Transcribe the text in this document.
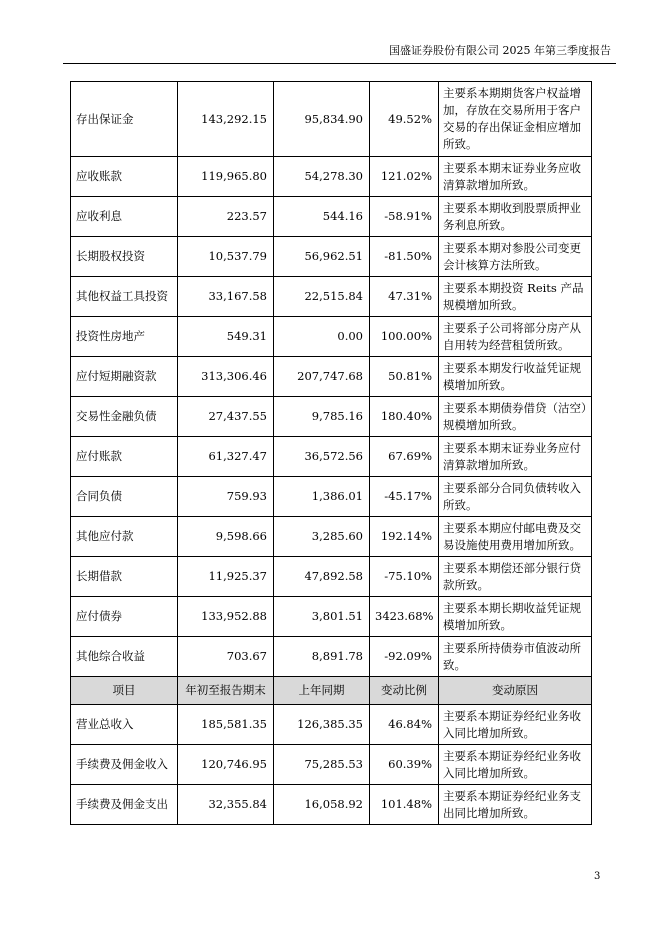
国盛证券股份有限公司 2025 年第三季度报告
存出保证金	143,292.15	95,834.90	49.52%	主要系本期期货客户权益增加，存放在交易所用于客户交易的存出保证金相应增加所致。
应收账款	119,965.80	54,278.30	121.02%	主要系本期末证券业务应收清算款增加所致。
应收利息	223.57	544.16	-58.91%	主要系本期收到股票质押业务利息所致。
长期股权投资	10,537.79	56,962.51	-81.50%	主要系本期对参股公司变更会计核算方法所致。
其他权益工具投资	33,167.58	22,515.84	47.31%	主要系本期投资 Reits 产品规模增加所致。
投资性房地产	549.31	0.00	100.00%	主要系子公司将部分房产从自用转为经营租赁所致。
应付短期融资款	313,306.46	207,747.68	50.81%	主要系本期发行收益凭证规模增加所致。
交易性金融负债	27,437.55	9,785.16	180.40%	主要系本期债券借贷（沽空）规模增加所致。
应付账款	61,327.47	36,572.56	67.69%	主要系本期末证券业务应付清算款增加所致。
合同负债	759.93	1,386.01	-45.17%	主要系部分合同负债转收入所致。
其他应付款	9,598.66	3,285.60	192.14%	主要系本期应付邮电费及交易设施使用费用增加所致。
长期借款	11,925.37	47,892.58	-75.10%	主要系本期偿还部分银行贷款所致。
应付债券	133,952.88	3,801.51	3423.68%	主要系本期长期收益凭证规模增加所致。
其他综合收益	703.67	8,891.78	-92.09%	主要系所持债券市值波动所致。
项目	年初至报告期末	上年同期	变动比例	变动原因
营业总收入	185,581.35	126,385.35	46.84%	主要系本期证券经纪业务收入同比增加所致。
手续费及佣金收入	120,746.95	75,285.53	60.39%	主要系本期证券经纪业务收入同比增加所致。
手续费及佣金支出	32,355.84	16,058.92	101.48%	主要系本期证券经纪业务支出同比增加所致。
3
